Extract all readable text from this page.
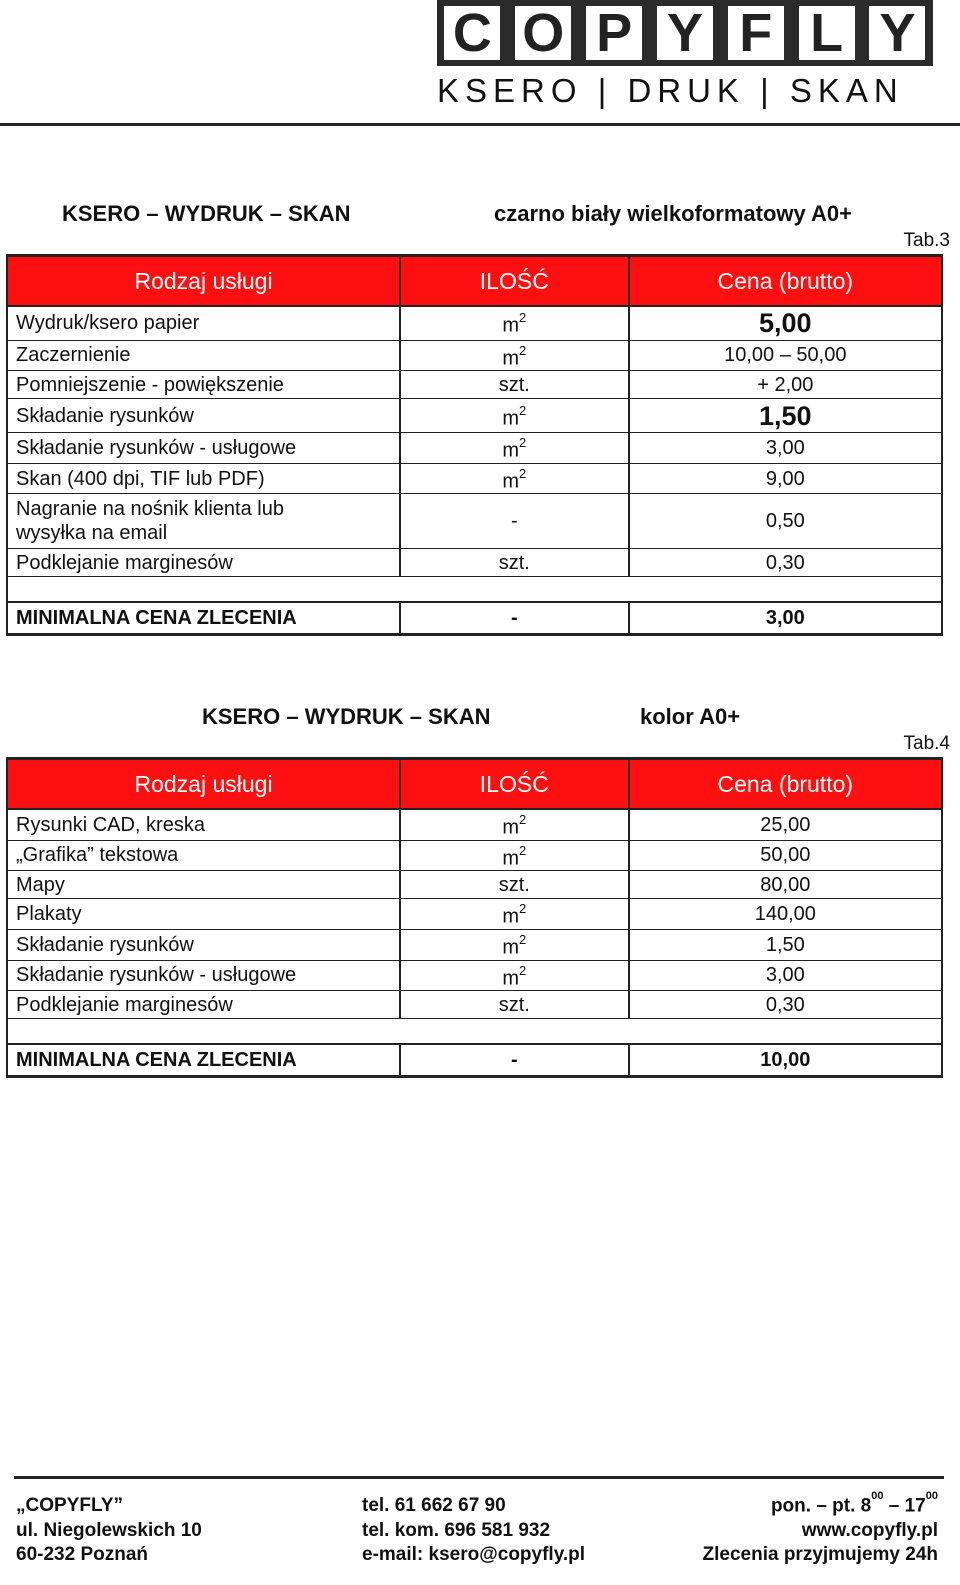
C O P Y F L Y
KSERO | DRUK | SKAN
KSERO – WYDRUK – SKAN	czarno biały wielkoformatowy A0+
Tab.3
Rodzaj usługi	ILOŚĆ	Cena (brutto)
Wydruk/ksero papier	$m^2$	5,00
Zaczernienie	$m^2$	10,00 – 50,00
Pomniejszenie - powiększenie	szt.	+ 2,00
Składanie rysunków	$m^2$	1,50
Składanie rysunków - usługowe	$m^2$	3,00
Skan (400 dpi, TIF lub PDF)	$m^2$	9,00

Nagranie na nośnik klienta lub
wysyłka na email	-	0,50
Podklejanie marginesów	szt.	0,30

MINIMALNA CENA ZLECENIA	-	3,00
KSERO – WYDRUK – SKAN	kolor A0+
Tab.4
Rodzaj usługi	ILOŚĆ	Cena (brutto)
Rysunki CAD, kreska	$m^2$	25,00
„Grafika” tekstowa	$m^2$	50,00
Mapy	szt.	80,00
Plakaty	$m^2$	140,00
Składanie rysunków	$m^2$	1,50
Składanie rysunków - usługowe	$m^2$	3,00
Podklejanie marginesów	szt.	0,30

MINIMALNA CENA ZLECENIA	-	10,00
„COPYFLY”
ul. Niegolewskich 10
60-232 Poznań
tel. 61 662 67 90
tel. kom. 696 581 932
e-mail: ksero@copyfly.pl
pon. – pt. $8^{00} - 17^{00}$
www.copyfly.pl
Zlecenia przyjmujemy 24h
